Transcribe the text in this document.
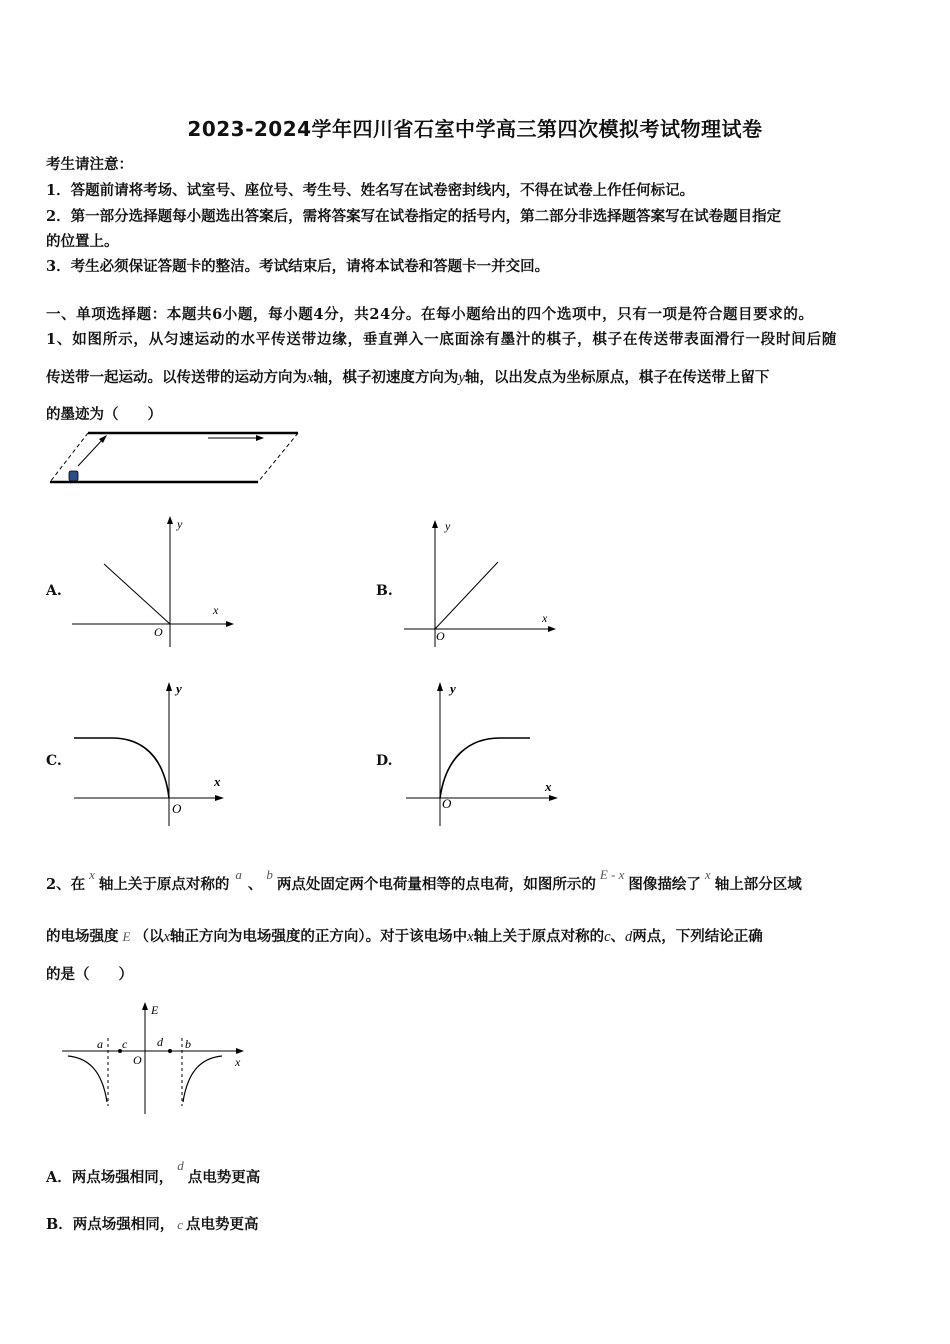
2023-2024学年四川省石室中学高三第四次模拟考试物理试卷
考生请注意：
1．答题前请将考场、试室号、座位号、考生号、姓名写在试卷密封线内，不得在试卷上作任何标记。
2．第一部分选择题每小题选出答案后，需将答案写在试卷指定的括号内，第二部分非选择题答案写在试卷题目指定
的位置上。
3．考生必须保证答题卡的整洁。考试结束后，请将本试卷和答题卡一并交回。
一、单项选择题：本题共6小题，每小题4分，共24分。在每小题给出的四个选项中，只有一项是符合题目要求的。
1、如图所示，从匀速运动的水平传送带边缘，垂直弹入一底面涂有墨汁的棋子，棋子在传送带表面滑行一段时间后随
传送带一起运动。以传送带的运动方向为x轴，棋子初速度方向为y轴，以出发点为坐标原点，棋子在传送带上留下
的墨迹为（　　）
A.
y
x
O
B.
y
x
O
C.
y
x
O
D.
y
x
O
2、在x轴上关于原点对称的a、b两点处固定两个电荷量相等的点电荷，如图所示的E - x图像描绘了x轴上部分区域
的电场强度 E （以x轴正方向为电场强度的正方向）。对于该电场中x轴上关于原点对称的c、d两点，下列结论正确
的是（　　）
E
a c
O
d b
x
A．两点场强相同，d点电势更高
B．两点场强相同， c 点电势更高
